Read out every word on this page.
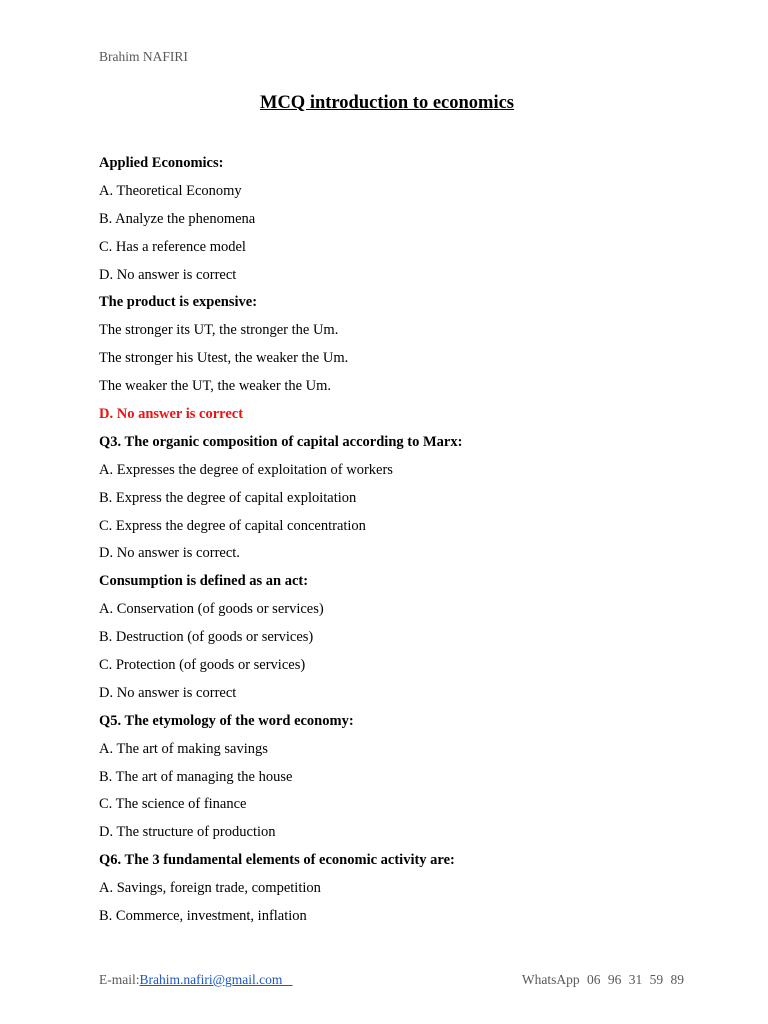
Brahim NAFIRI
MCQ introduction to economics
Applied Economics:
A. Theoretical Economy
B. Analyze the phenomena
C. Has a reference model
D. No answer is correct
The product is expensive:
The stronger its UT, the stronger the Um.
The stronger his Utest, the weaker the Um.
The weaker the UT, the weaker the Um.
D. No answer is correct
Q3. The organic composition of capital according to Marx:
A. Expresses the degree of exploitation of workers
B. Express the degree of capital exploitation
C. Express the degree of capital concentration
D. No answer is correct.
Consumption is defined as an act:
A. Conservation (of goods or services)
B. Destruction (of goods or services)
C. Protection (of goods or services)
D. No answer is correct
Q5. The etymology of the word economy:
A. The art of making savings
B. The art of managing the house
C. The science of finance
D. The structure of production
Q6. The 3 fundamental elements of economic activity are:
A. Savings, foreign trade, competition
B. Commerce, investment, inflation
E-mail:Brahim.nafiri@gmail.com	WhatsApp 06 96 31 59 89
